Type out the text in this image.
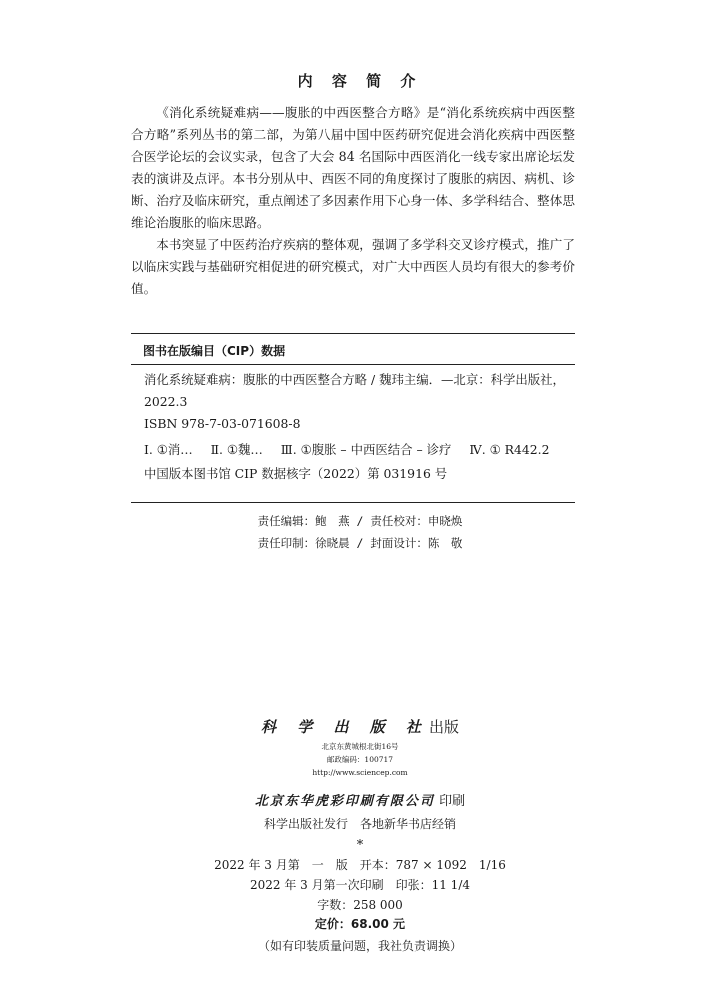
内 容 简 介

《消化系统疑难病——腹胀的中西医整合方略》是“消化系统疾病中西医整合方略”系列丛书的第二部，为第八届中国中医药研究促进会消化疾病中西医整合医学论坛的会议实录，包含了大会 84 名国际中西医消化一线专家出席论坛发表的演讲及点评。本书分别从中、西医不同的角度探讨了腹胀的病因、病机、诊断、治疗及临床研究，重点阐述了多因素作用下心身一体、多学科结合、整体思维论治腹胀的临床思路。

本书突显了中医药治疗疾病的整体观，强调了多学科交叉诊疗模式，推广了以临床实践与基础研究相促进的研究模式，对广大中西医人员均有很大的参考价值。

图书在版编目（CIP）数据
消化系统疑难病：腹胀的中西医整合方略 / 魏玮主编．—北京：科学出版社，2022.3
ISBN 978-7-03-071608-8
Ⅰ. ①消… Ⅱ. ①魏… Ⅲ. ①腹胀 – 中西医结合 – 诊疗 Ⅳ. ① R442.2
中国版本图书馆 CIP 数据核字（2022）第 031916 号
责任编辑：鲍　燕 / 责任校对：申晓焕
责任印制：徐晓晨 / 封面设计：陈　敬
科 学 出 版 社出版
北京东黄城根北街16号
邮政编码：100717
http://www.sciencep.com
北京东华虎彩印刷有限公司 印刷
科学出版社发行　各地新华书店经销
*
2022 年 3 月第　一　版　开本：787 × 1092　1/16
2022 年 3 月第一次印刷　印张：11 1/4
字数：258 000
定价：68.00 元
（如有印装质量问题，我社负责调换）
